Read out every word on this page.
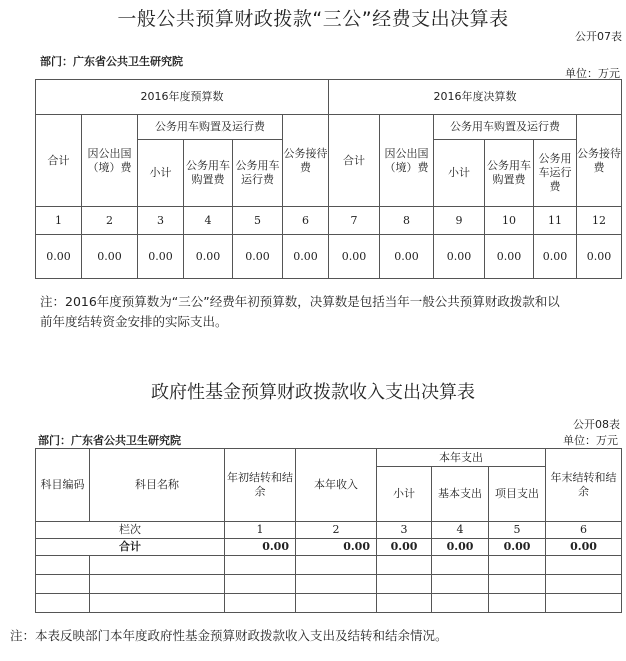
一般公共预算财政拨款“三公”经费支出决算表
公开07表
部门：广东省公共卫生研究院
单位：万元
2016年度预算数						2016年度决算数					
合计	因公出国（境）费	公务用车购置及运行费			公务接待费	合计	因公出国（境）费	公务用车购置及运行费			公务接待费
		小计	公务用车购置费	公务用车运行费				小计	公务用车购置费	公务用车运行费	
1	2	3	4	5	6	7	8	9	10	11	12
0.00	0.00	0.00	0.00	0.00	0.00	0.00	0.00	0.00	0.00	0.00	0.00
注：2016年度预算数为“三公”经费年初预算数，决算数是包括当年一般公共预算财政拨款和以
前年度结转资金安排的实际支出。
政府性基金预算财政拨款收入支出决算表
公开08表
部门：广东省公共卫生研究院	单位：万元
科目编码	科目名称	年初结转和结余	本年收入	本年支出			年末结转和结余
				小计	基本支出	项目支出	
栏次		1	2	3	4	5	6
合计		0.00	0.00	0.00	0.00	0.00	0.00

注：本表反映部门本年度政府性基金预算财政拨款收入支出及结转和结余情况。
